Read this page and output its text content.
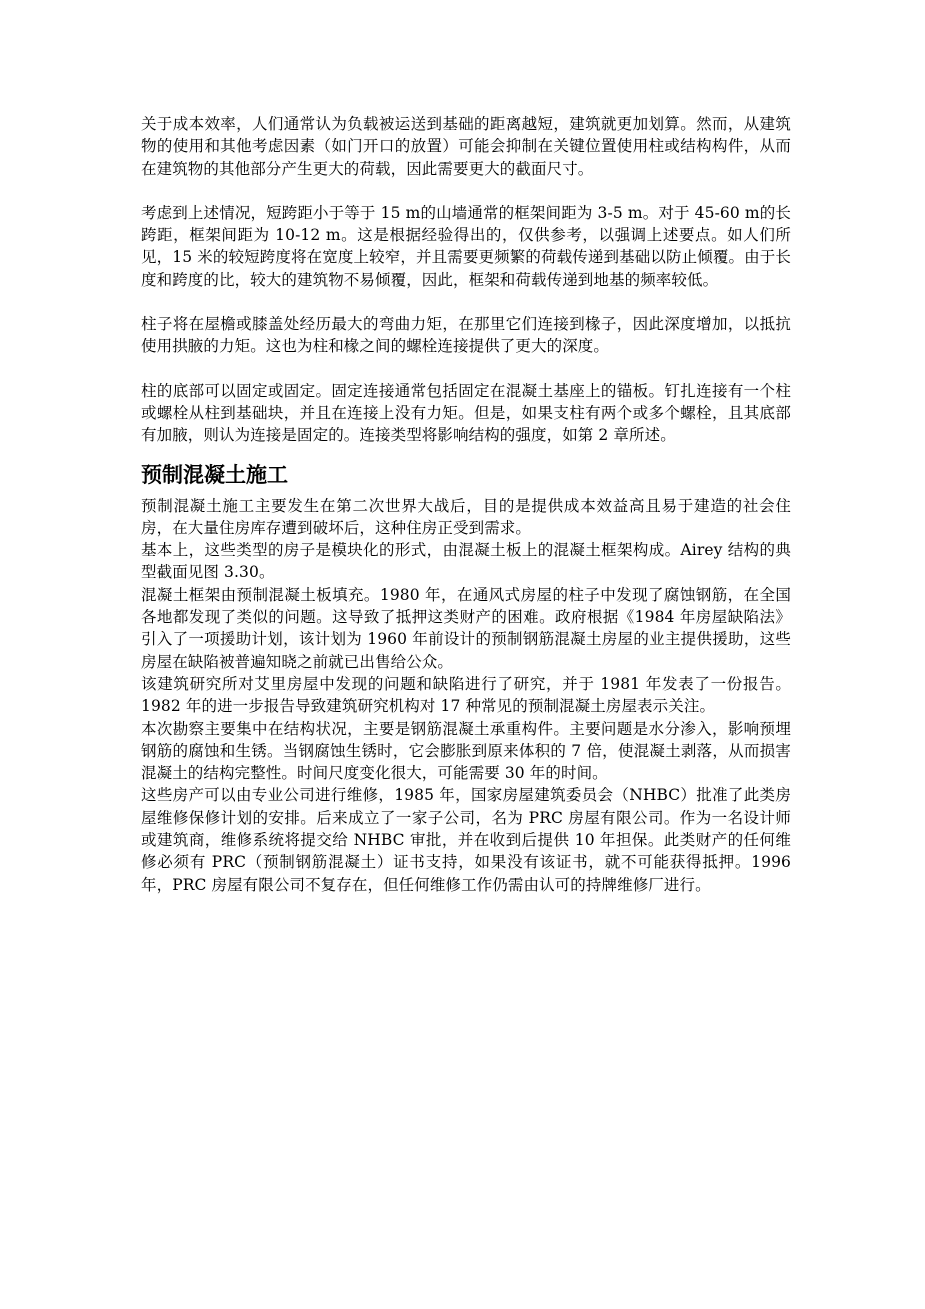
关于成本效率，人们通常认为负载被运送到基础的距离越短，建筑就更加划算。然而，从建筑物的使用和其他考虑因素（如门开口的放置）可能会抑制在关键位置使用柱或结构构件，从而在建筑物的其他部分产生更大的荷载，因此需要更大的截面尺寸。

考虑到上述情况，短跨距小于等于 15 m的山墙通常的框架间距为 3-5 m。对于 45-60 m的长跨距，框架间距为 10-12 m。这是根据经验得出的，仅供参考，以强调上述要点。如人们所见，15 米的较短跨度将在宽度上较窄，并且需要更频繁的荷载传递到基础以防止倾覆。由于长度和跨度的比，较大的建筑物不易倾覆，因此，框架和荷载传递到地基的频率较低。

柱子将在屋檐或膝盖处经历最大的弯曲力矩，在那里它们连接到椽子，因此深度增加，以抵抗使用拱腋的力矩。这也为柱和椽之间的螺栓连接提供了更大的深度。

柱的底部可以固定或固定。固定连接通常包括固定在混凝土基座上的锚板。钉扎连接有一个柱或螺栓从柱到基础块，并且在连接上没有力矩。但是，如果支柱有两个或多个螺栓，且其底部有加腋，则认为连接是固定的。连接类型将影响结构的强度，如第 2 章所述。

预制混凝土施工

预制混凝土施工主要发生在第二次世界大战后，目的是提供成本效益高且易于建造的社会住房，在大量住房库存遭到破坏后，这种住房正受到需求。

基本上，这些类型的房子是模块化的形式，由混凝土板上的混凝土框架构成。Airey 结构的典型截面见图 3.30。

混凝土框架由预制混凝土板填充。1980 年，在通风式房屋的柱子中发现了腐蚀钢筋，在全国各地都发现了类似的问题。这导致了抵押这类财产的困难。政府根据《1984 年房屋缺陷法》引入了一项援助计划，该计划为 1960 年前设计的预制钢筋混凝土房屋的业主提供援助，这些房屋在缺陷被普遍知晓之前就已出售给公众。

该建筑研究所对艾里房屋中发现的问题和缺陷进行了研究，并于 1981 年发表了一份报告。1982 年的进一步报告导致建筑研究机构对 17 种常见的预制混凝土房屋表示关注。

本次勘察主要集中在结构状况，主要是钢筋混凝土承重构件。主要问题是水分渗入，影响预埋钢筋的腐蚀和生锈。当钢腐蚀生锈时，它会膨胀到原来体积的 7 倍，使混凝土剥落，从而损害混凝土的结构完整性。时间尺度变化很大，可能需要 30 年的时间。

这些房产可以由专业公司进行维修，1985 年，国家房屋建筑委员会（NHBC）批准了此类房屋维修保修计划的安排。后来成立了一家子公司，名为 PRC 房屋有限公司。作为一名设计师或建筑商，维修系统将提交给 NHBC 审批，并在收到后提供 10 年担保。此类财产的任何维修必须有 PRC（预制钢筋混凝土）证书支持，如果没有该证书，就不可能获得抵押。1996 年，PRC 房屋有限公司不复存在，但任何维修工作仍需由认可的持牌维修厂进行。
